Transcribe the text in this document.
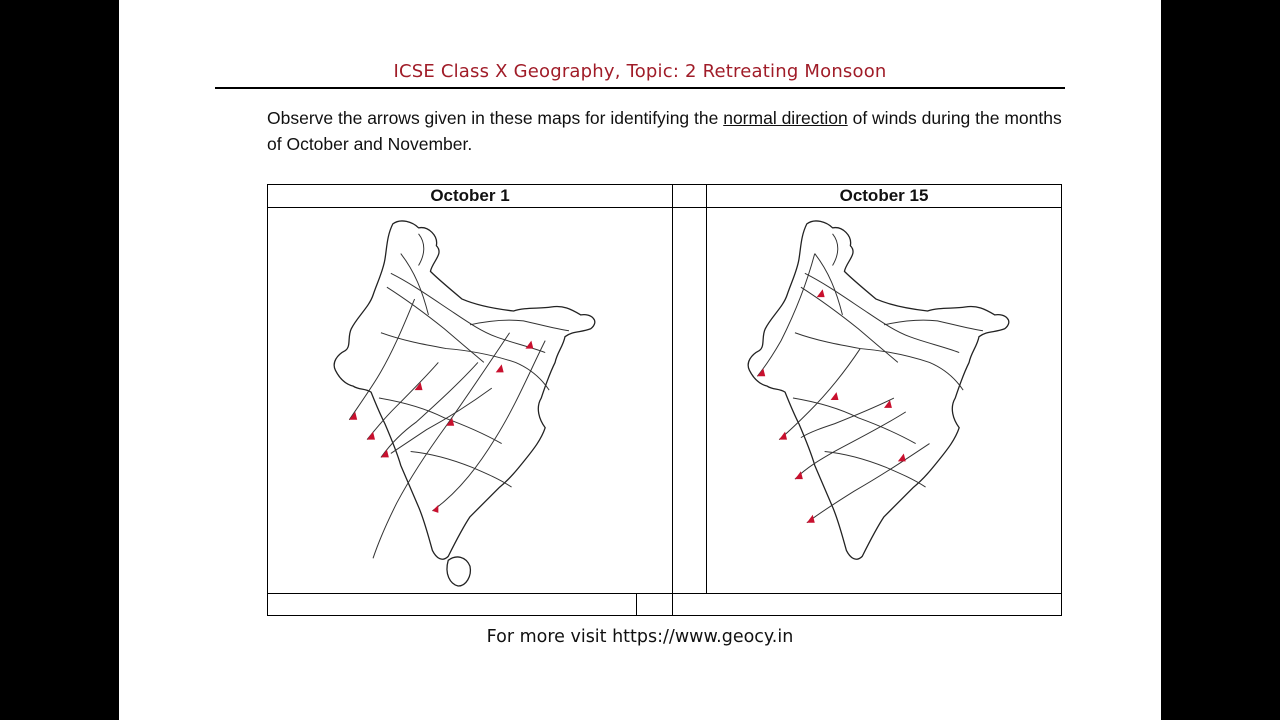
ICSE Class X Geography, Topic: 2 Retreating Monsoon
Observe the arrows given in these maps for identifying the normal direction of winds during the months of October and November.
October 1	October 15
For more visit https://www.geocy.in
